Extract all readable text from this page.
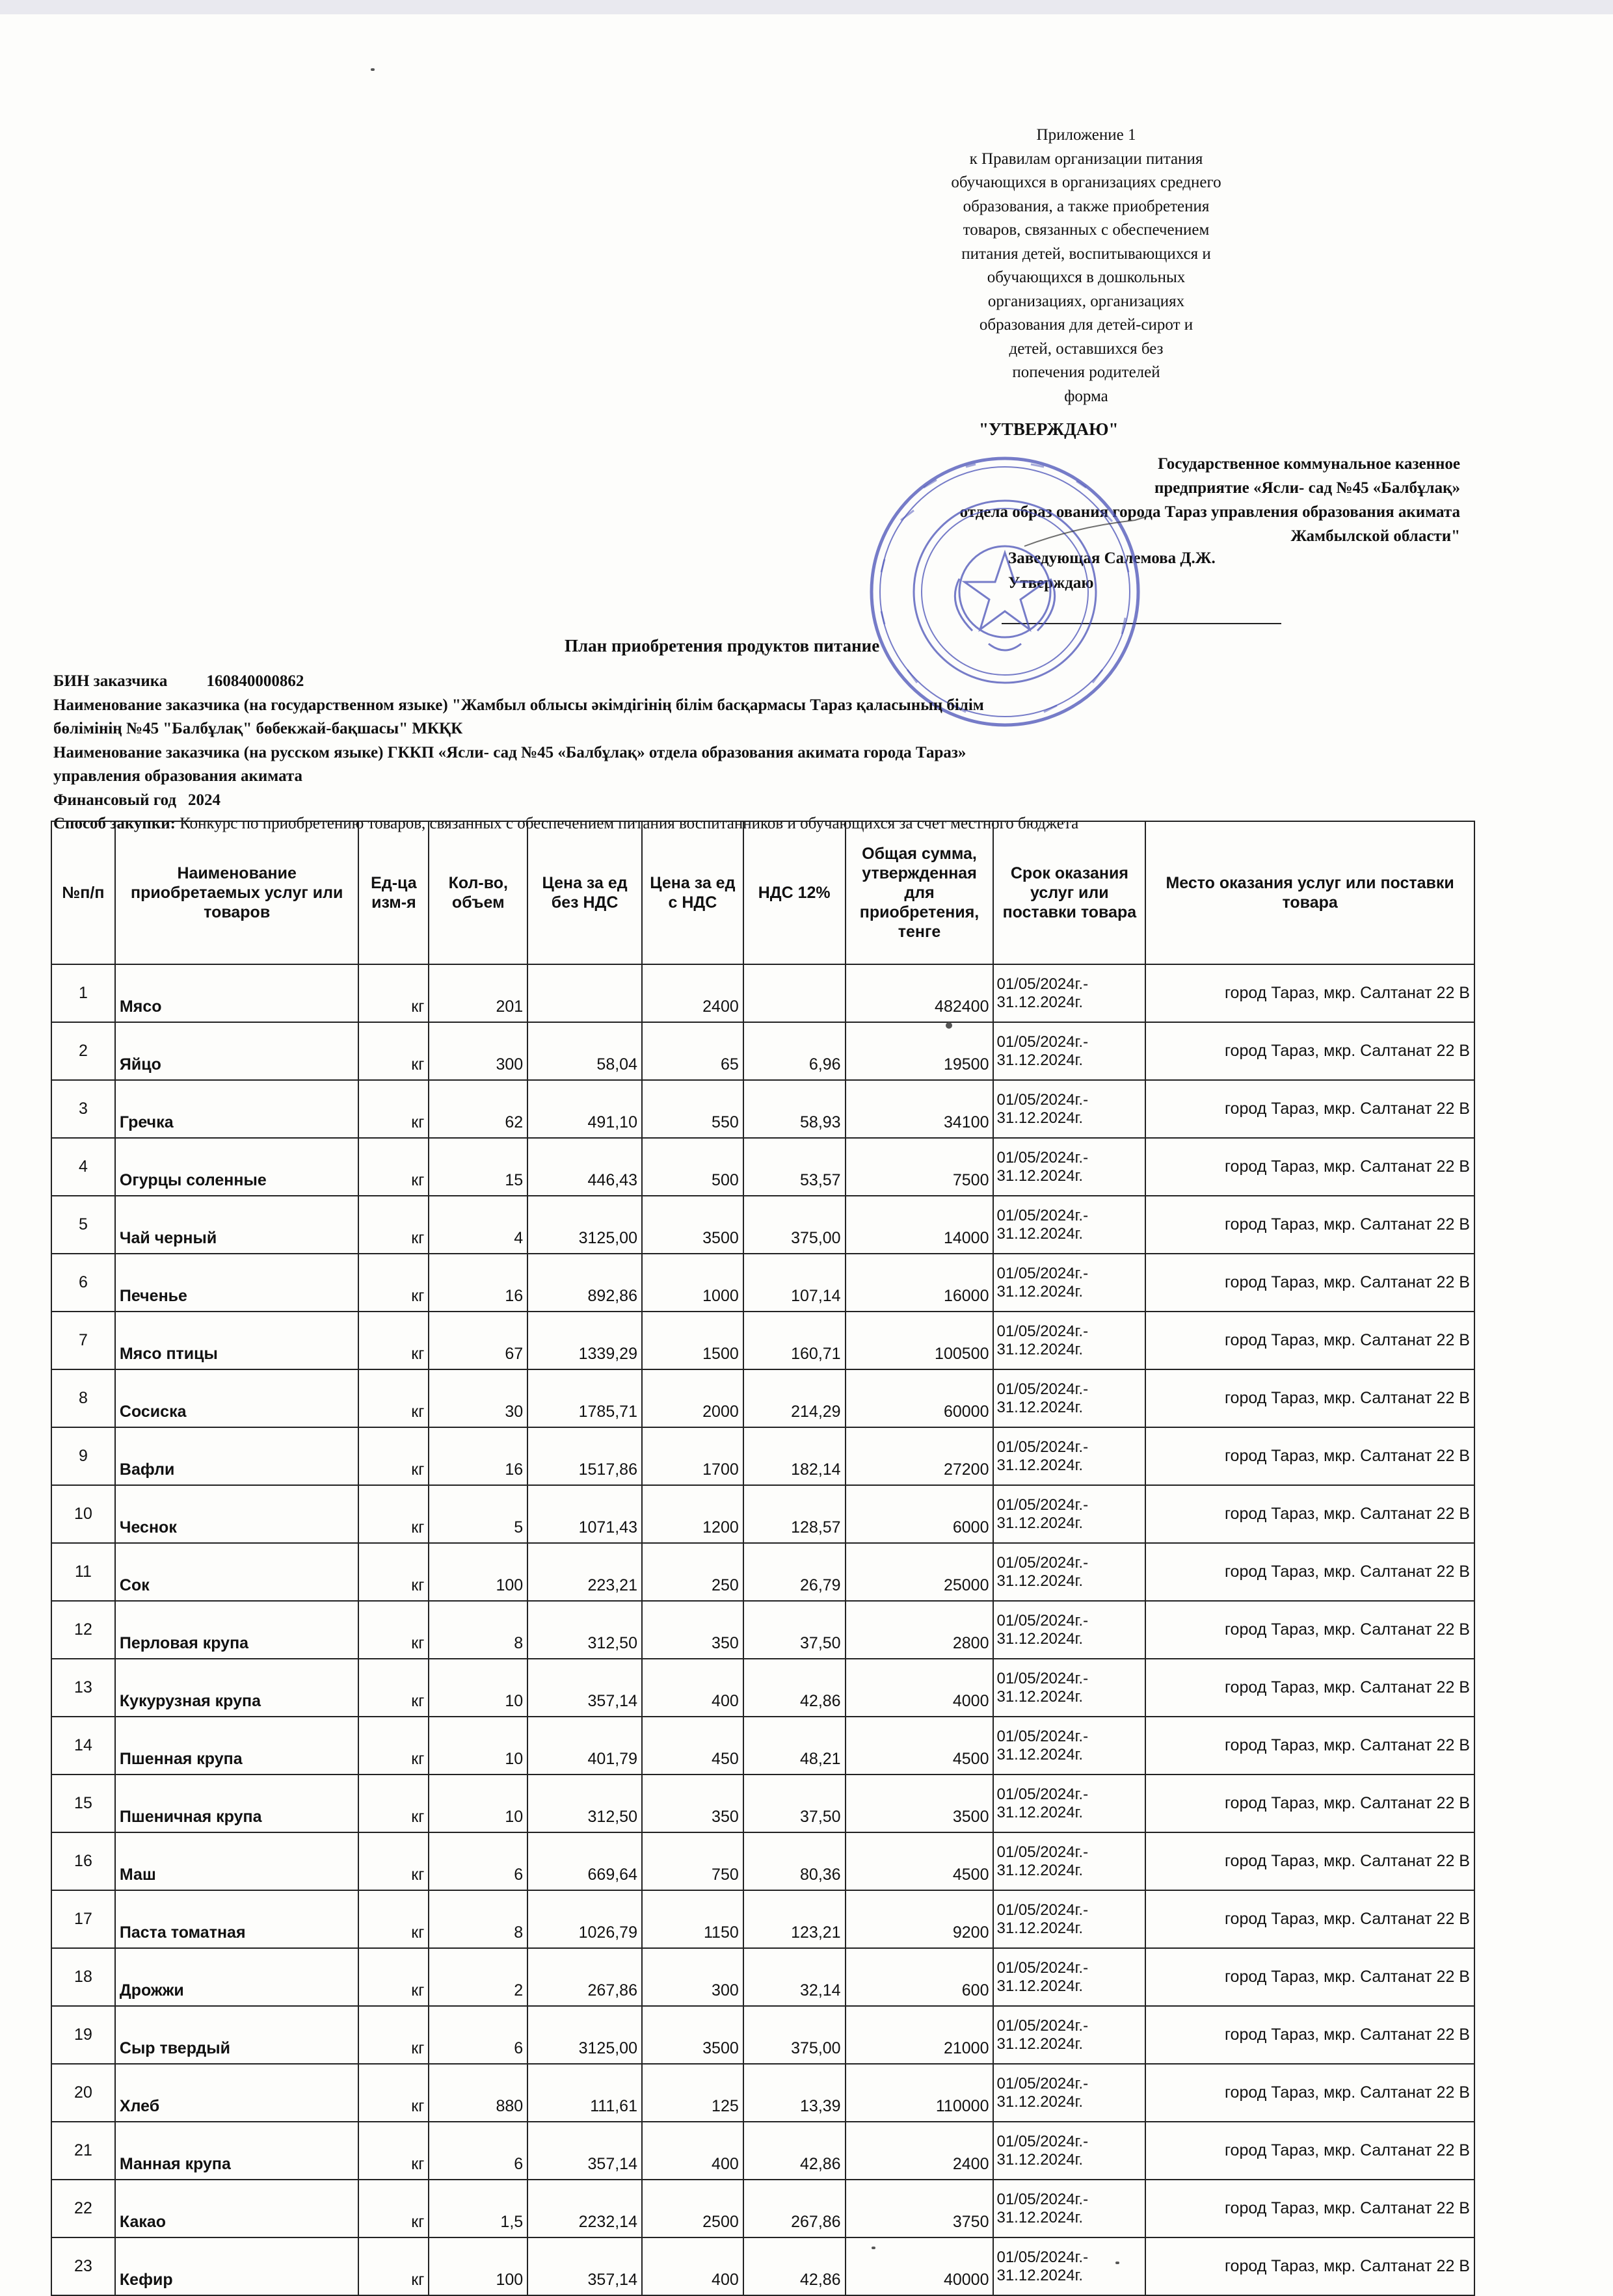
Приложение 1
к Правилам организации питания
обучающихся в организациях среднего
образования, а также приобретения
товаров, связанных с обеспечением
питания детей, воспитывающихся и
обучающихся в дошкольных
организациях, организациях
образования для детей-сирот и
детей, оставшихся без
попечения родителей
форма
"УТВЕРЖДАЮ"
Государственное коммунальное казенное
предприятие «Ясли- сад №45 «Балбұлақ»
отдела образ ования города Тараз управления образования акимата
Жамбылской области"
Заведующая Салемова Д.Ж.
Утверждаю
План приобретения продуктов питание
БИН заказчика 160840000862
Наименование заказчика (на государственном языке) "Жамбыл облысы әкімдігінің білім басқармасы Тараз қаласының білім
бөлімінің №45 "Балбұлақ" бөбекжай-бақшасы" МКҚК
Наименование заказчика (на русском языке) ГККП «Ясли- сад №45 «Балбұлақ» отдела образования акимата города Тараз»
управления образования акимата
Финансовый год 2024
Способ закупки: Конкурс по приобретению товаров, связанных с обеспечением питания воспитанников и обучающихся за счет местного бюджета
№п/п	Наименование приобретаемых услуг или товаров	Ед-ца изм-я	Кол-во, объем	Цена за ед без НДС	Цена за ед с НДС	НДС 12%	Общая сумма, утвержденная для приобретения, тенге	Срок оказания услуг или поставки товара	Место оказания услуг или поставки товара
1	Мясо	кг	201		2400		482400	01/05/2024г.-
31.12.2024г.	город Тараз, мкр. Салтанат 22 В
2	Яйцо	кг	300	58,04	65	6,96	19500	01/05/2024г.-
31.12.2024г.	город Тараз, мкр. Салтанат 22 В
3	Гречка	кг	62	491,10	550	58,93	34100	01/05/2024г.-
31.12.2024г.	город Тараз, мкр. Салтанат 22 В
4	Огурцы соленные	кг	15	446,43	500	53,57	7500	01/05/2024г.-
31.12.2024г.	город Тараз, мкр. Салтанат 22 В
5	Чай черный	кг	4	3125,00	3500	375,00	14000	01/05/2024г.-
31.12.2024г.	город Тараз, мкр. Салтанат 22 В
6	Печенье	кг	16	892,86	1000	107,14	16000	01/05/2024г.-
31.12.2024г.	город Тараз, мкр. Салтанат 22 В
7	Мясо птицы	кг	67	1339,29	1500	160,71	100500	01/05/2024г.-
31.12.2024г.	город Тараз, мкр. Салтанат 22 В
8	Сосиска	кг	30	1785,71	2000	214,29	60000	01/05/2024г.-
31.12.2024г.	город Тараз, мкр. Салтанат 22 В
9	Вафли	кг	16	1517,86	1700	182,14	27200	01/05/2024г.-
31.12.2024г.	город Тараз, мкр. Салтанат 22 В
10	Чеснок	кг	5	1071,43	1200	128,57	6000	01/05/2024г.-
31.12.2024г.	город Тараз, мкр. Салтанат 22 В
11	Сок	кг	100	223,21	250	26,79	25000	01/05/2024г.-
31.12.2024г.	город Тараз, мкр. Салтанат 22 В
12	Перловая крупа	кг	8	312,50	350	37,50	2800	01/05/2024г.-
31.12.2024г.	город Тараз, мкр. Салтанат 22 В
13	Кукурузная крупа	кг	10	357,14	400	42,86	4000	01/05/2024г.-
31.12.2024г.	город Тараз, мкр. Салтанат 22 В
14	Пшенная крупа	кг	10	401,79	450	48,21	4500	01/05/2024г.-
31.12.2024г.	город Тараз, мкр. Салтанат 22 В
15	Пшеничная крупа	кг	10	312,50	350	37,50	3500	01/05/2024г.-
31.12.2024г.	город Тараз, мкр. Салтанат 22 В
16	Маш	кг	6	669,64	750	80,36	4500	01/05/2024г.-
31.12.2024г.	город Тараз, мкр. Салтанат 22 В
17	Паста томатная	кг	8	1026,79	1150	123,21	9200	01/05/2024г.-
31.12.2024г.	город Тараз, мкр. Салтанат 22 В
18	Дрожжи	кг	2	267,86	300	32,14	600	01/05/2024г.-
31.12.2024г.	город Тараз, мкр. Салтанат 22 В
19	Сыр твердый	кг	6	3125,00	3500	375,00	21000	01/05/2024г.-
31.12.2024г.	город Тараз, мкр. Салтанат 22 В
20	Хлеб	кг	880	111,61	125	13,39	110000	01/05/2024г.-
31.12.2024г.	город Тараз, мкр. Салтанат 22 В
21	Манная крупа	кг	6	357,14	400	42,86	2400	01/05/2024г.-
31.12.2024г.	город Тараз, мкр. Салтанат 22 В
22	Какао	кг	1,5	2232,14	2500	267,86	3750	01/05/2024г.-
31.12.2024г.	город Тараз, мкр. Салтанат 22 В
23	Кефир	кг	100	357,14	400	42,86	40000	01/05/2024г.-
31.12.2024г.	город Тараз, мкр. Салтанат 22 В
